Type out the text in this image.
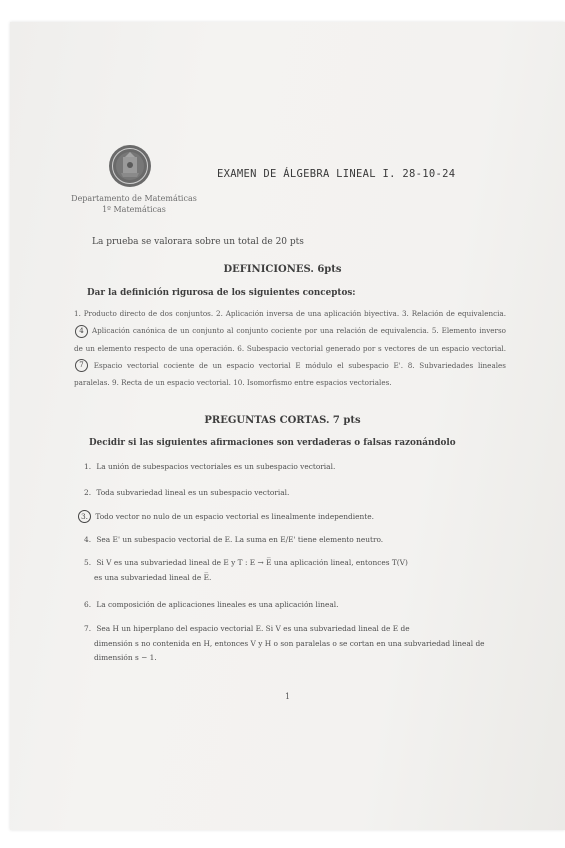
Departamento de Matemáticas
1º Matemáticas
EXAMEN DE ÁLGEBRA LINEAL I. 28-10-24
La prueba se valorara sobre un total de 20 pts
DEFINICIONES. 6pts
Dar la definición rigurosa de los siguientes conceptos:
1. Producto directo de dos conjuntos. 2. Aplicación inversa de una aplicación biyectiva. 3. Relación de equivalencia. 4 Aplicación canónica de un conjunto al conjunto cociente por una relación de equivalencia. 5. Elemento inverso de un elemento respecto de una operación. 6. Subespacio vectorial generado por s vectores de un espacio vectorial. 7 Espacio vectorial cociente de un espacio vectorial E módulo el subespacio E'. 8. Subvariedades lineales paralelas. 9. Recta de un espacio vectorial. 10. Isomorfismo entre espacios vectoriales.
PREGUNTAS CORTAS. 7 pts
Decidir si las siguientes afirmaciones son verdaderas o falsas razonándolo
1. La unión de subespacios vectoriales es un subespacio vectorial.
2. Toda subvariedad lineal es un subespacio vectorial.
3. Todo vector no nulo de un espacio vectorial es linealmente independiente.
4. Sea E' un subespacio vectorial de E. La suma en E/E' tiene elemento neutro.
5. Si V es una subvariedad lineal de E y T : E → E̅ una aplicación lineal, entonces T(V)
es una subvariedad lineal de E̅.
6. La composición de aplicaciones lineales es una aplicación lineal.
7. Sea H un hiperplano del espacio vectorial E. Si V es una subvariedad lineal de E de
dimensión s no contenida en H, entonces V y H o son paralelas o se cortan en una subvariedad lineal de dimensión s − 1.
1
